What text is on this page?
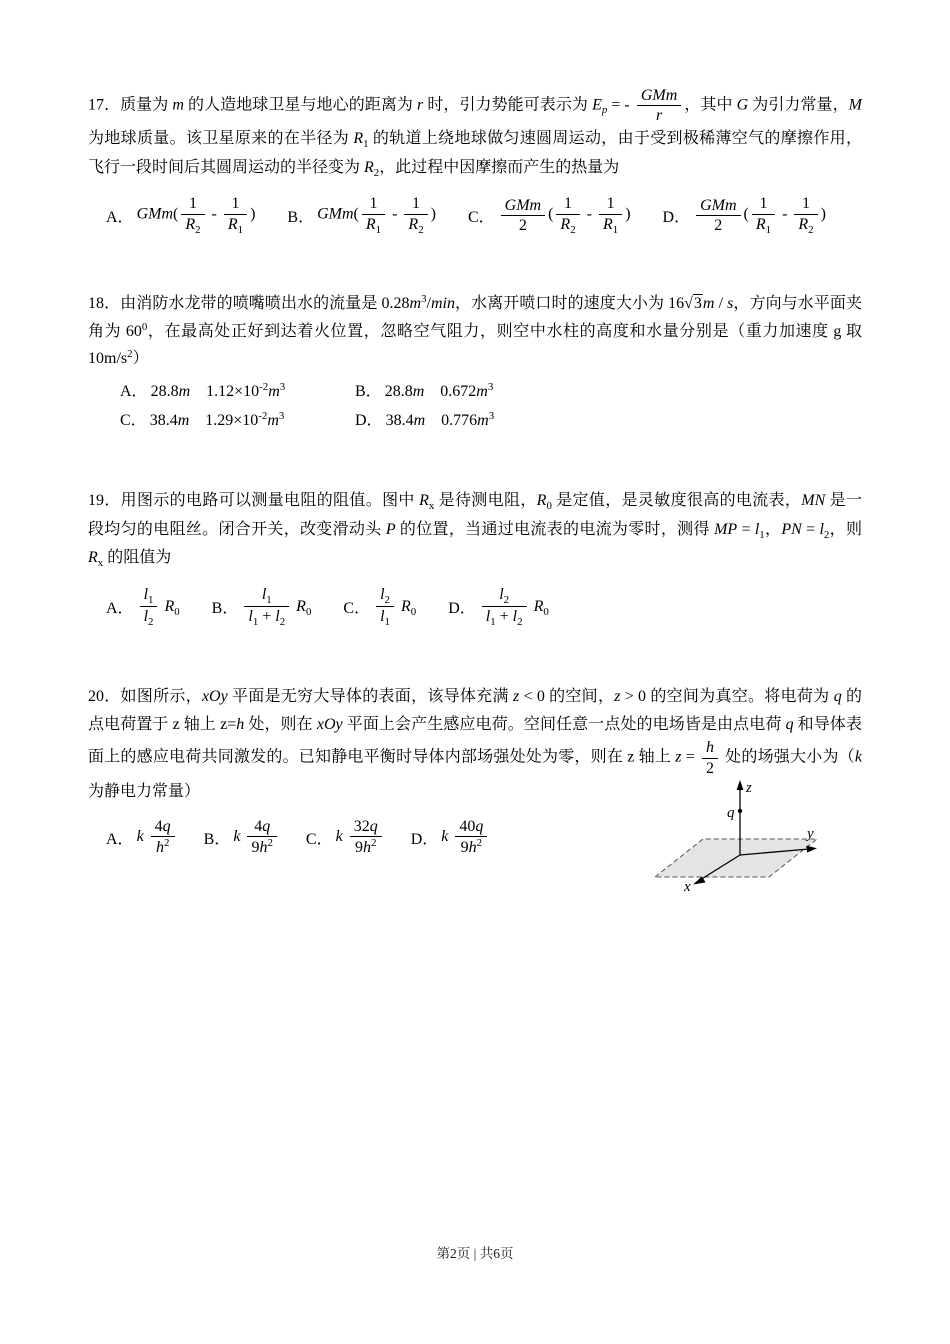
17．质量为 m 的人造地球卫星与地心的距离为 r 时，引力势能可表示为 $E_p$ = - $\frac{\text{GMm}}{r}$ ，其中 G 为引力常量，M 为地球质量。该卫星原来的在半径为 $R_1$ 的轨道上绕地球做匀速圆周运动，由于受到极稀薄空气的摩擦作用，飞行一段时间后其圆周运动的半径变为 $R_2$，此过程中因摩擦而产生的热量为

A． $GMm( \frac{1}{R_2} - \frac{1}{R_1}$ ) B． $GMm( \frac{1}{R_1} - \frac{1}{R_2}$ ) C． $\frac{\text{GMm}}{2}$ ( $\frac{1}{R_2} - \frac{1}{R_1}$ ) D． $\frac{\text{GMm}}{2}$ ( $\frac{1}{R_1} - \frac{1}{R_2}$ )

18．由消防水龙带的喷嘴喷出水的流量是 $0.28m^3/\min$，水离开喷口时的速度大小为 16√3m / s，方向与水平面夹角为 $60^0$，在最高处正好到达着火位置，忽略空气阻力，则空中水柱的高度和水量分别是（重力加速度 g 取 $10m/s^2$）

A． 28.8m　$1.12\times 10^{-2}m^3$	B． 28.8m　$0.672m^3$
C． 38.4m　$1.29\times 10^{-2}m^3$	D． 38.4m　$0.776m^3$

19．用图示的电路可以测量电阻的阻值。图中 $R_x$ 是待测电阻，$R_0$ 是定值，是灵敏度很高的电流表，MN 是一段均匀的电阻丝。闭合开关，改变滑动头 P 的位置，当通过电流表的电流为零时，测得 MP = $l_1$，PN = $l_2$，则 $R_x$ 的阻值为

A． $\frac{l_1}{l_2} R_0$ B． $\frac{l_1}{l_1 + l_2} R_0$ C． $\frac{l_2}{l_1} R_0$ D． $\frac{l_2}{l_1 + l_2} R_0$

20．如图所示，xOy 平面是无穷大导体的表面，该导体充满 z < 0 的空间，z > 0 的空间为真空。将电荷为 q 的点电荷置于 z 轴上 z=h 处，则在 xOy 平面上会产生感应电荷。空间任意一点处的电场皆是由点电荷 q 和导体表面上的感应电荷共同激发的。已知静电平衡时导体内部场强处处为零，则在 z 轴上 $z = \frac{h}{2}$ 处的场强大小为（k 为静电力常量）

A． k $\frac{4q}{h^2}$ B． k $\frac{4q}{9h^2}$ C． k $\frac{32q}{9h^2}$ D． k $\frac{40q}{9h^2}$
z
y
x
q
第2页 | 共6页
